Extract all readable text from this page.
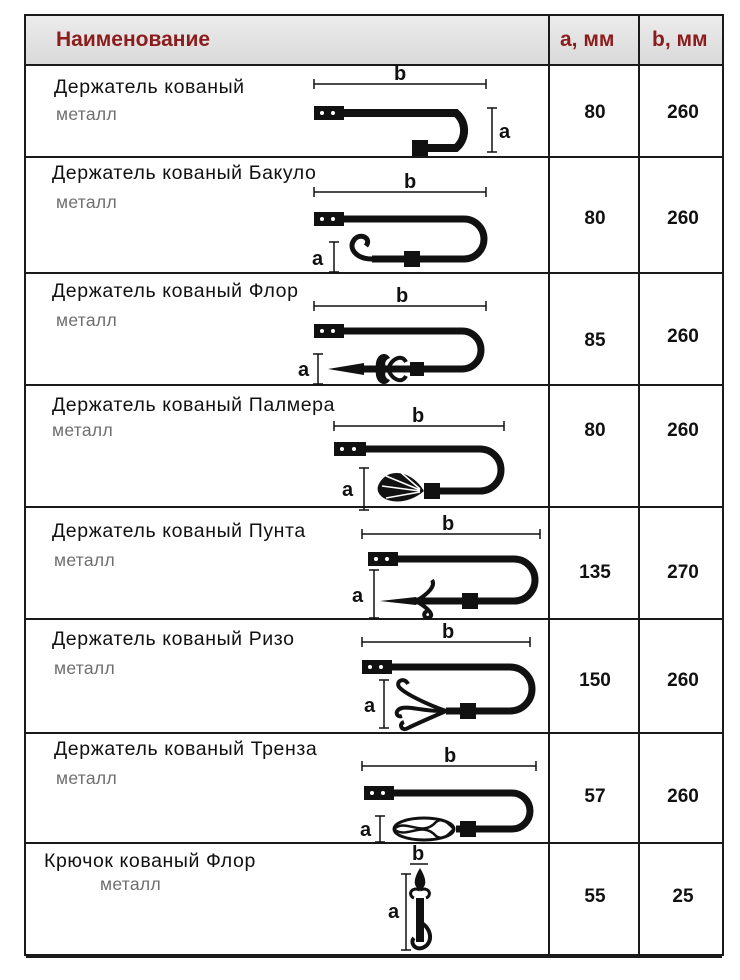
Наименование	a, мм b, мм
Держатель кованый
металл
b
a
80	260
Держатель кованый Бакуло
металл
b
a
80	260
Держатель кованый Флор
металл
b
a
85	260
Держатель кованый Палмера
металл
b
a
80	260
Держатель кованый Пунта
металл
b
a
135	270
Держатель кованый Ризо
металл
b
a
150	260
Держатель кованый Тренза
металл
b
a
57	260
Крючок кованый Флор
металл
b
a
55	25
